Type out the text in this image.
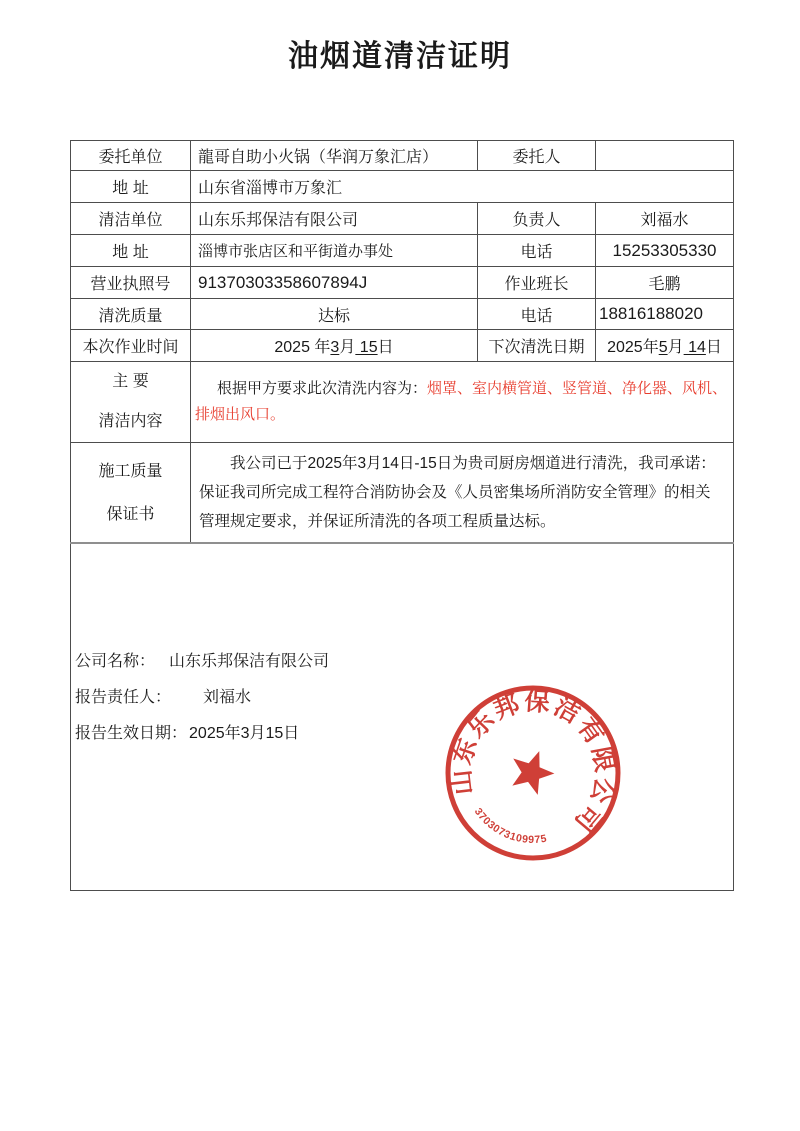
油烟道清洁证明
委托单位	龍哥自助小火锅（华润万象汇店）	委托人	
地 址	山东省淄博市万象汇		
清洁单位	山东乐邦保洁有限公司	负责人	刘福水
地 址	淄博市张店区和平街道办事处	电话	15253305330
营业执照号	91370303358607894J	作业班长	毛鹏
清洗质量	达标	电话	18816188020
本次作业时间	2025 年3月 15日	下次清洗日期	2025年5月 14日
主 要
清洁内容	根据甲方要求此次清洗内容为：烟罩、室内横管道、竖管道、净化器、风机、排烟出风口。		

施工质量
保证书	我公司已于2025年3月14日-15日为贵司厨房烟道进行清洗，我司承诺：保证我司所完成工程符合消防协会及《人员密集场所消防安全管理》的相关管理规定要求，并保证所清洗的各项工程质量达标。		

公司名称： 山东乐邦保洁有限公司
报告责任人： 刘福水
报告生效日期： 2025年3月15日
山东乐邦保洁有限公司
3703073109975
